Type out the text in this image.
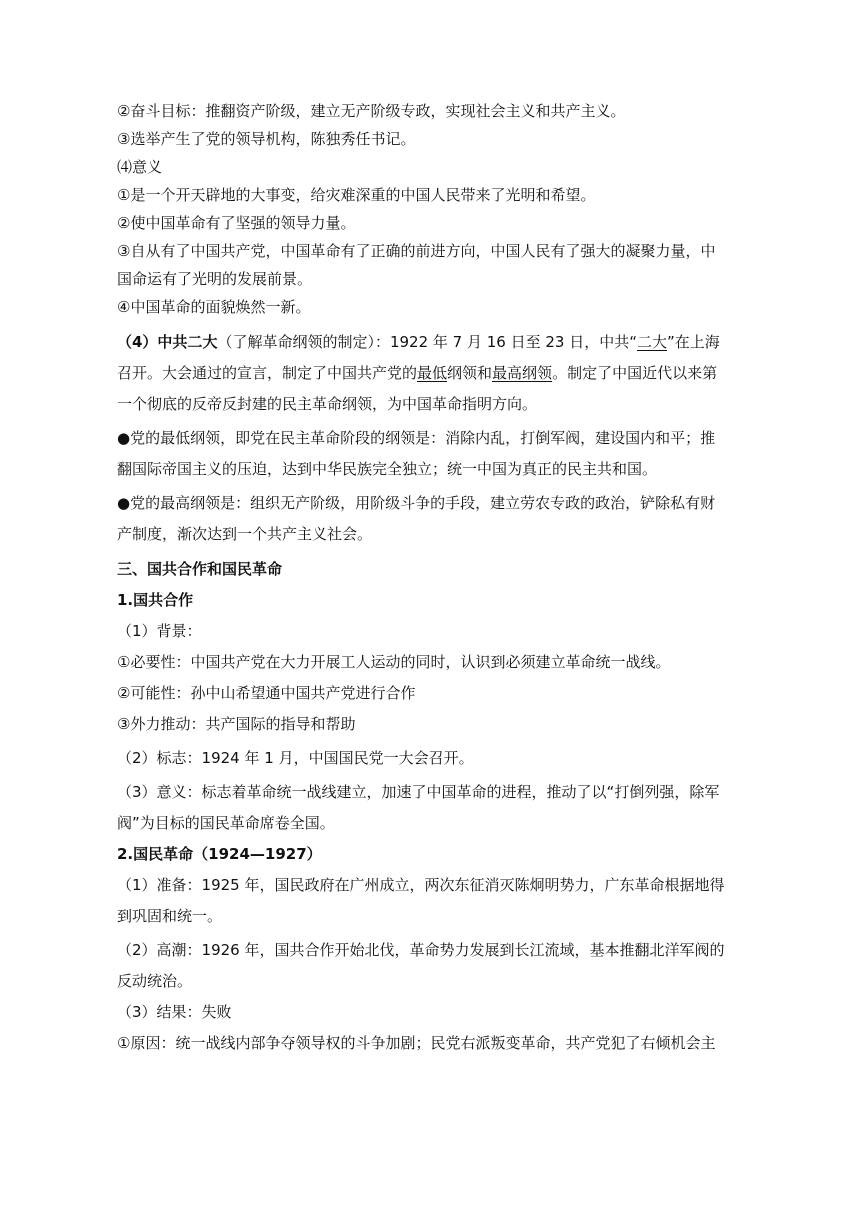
②奋斗目标：推翻资产阶级，建立无产阶级专政，实现社会主义和共产主义。
③选举产生了党的领导机构，陈独秀任书记。
⑷意义
①是一个开天辟地的大事变，给灾难深重的中国人民带来了光明和希望。
②使中国革命有了坚强的领导力量。
③自从有了中国共产党，中国革命有了正确的前进方向，中国人民有了强大的凝聚力量，中
国命运有了光明的发展前景。
④中国革命的面貌焕然一新。
（4）中共二大（了解革命纲领的制定）：1922 年 7 月 16 日至 23 日，中共“二大”在上海
召开。大会通过的宣言，制定了中国共产党的最低纲领和最高纲领。制定了中国近代以来第
一个彻底的反帝反封建的民主革命纲领，为中国革命指明方向。
●党的最低纲领，即党在民主革命阶段的纲领是：消除内乱，打倒军阀，建设国内和平；推
翻国际帝国主义的压迫，达到中华民族完全独立；统一中国为真正的民主共和国。
●党的最高纲领是：组织无产阶级，用阶级斗争的手段，建立劳农专政的政治，铲除私有财
产制度，渐次达到一个共产主义社会。
三、国共合作和国民革命
1.国共合作
（1）背景：
①必要性：中国共产党在大力开展工人运动的同时，认识到必须建立革命统一战线。
②可能性：孙中山希望通中国共产党进行合作
③外力推动：共产国际的指导和帮助
（2）标志：1924 年 1 月，中国国民党一大会召开。
（3）意义：标志着革命统一战线建立，加速了中国革命的进程，推动了以“打倒列强，除军
阀”为目标的国民革命席卷全国。
2.国民革命（1924—1927）
（1）准备：1925 年，国民政府在广州成立，两次东征消灭陈炯明势力，广东革命根据地得
到巩固和统一。
（2）高潮：1926 年，国共合作开始北伐，革命势力发展到长江流域，基本推翻北洋军阀的
反动统治。
（3）结果：失败
①原因：统一战线内部争夺领导权的斗争加剧；民党右派叛变革命，共产党犯了右倾机会主
